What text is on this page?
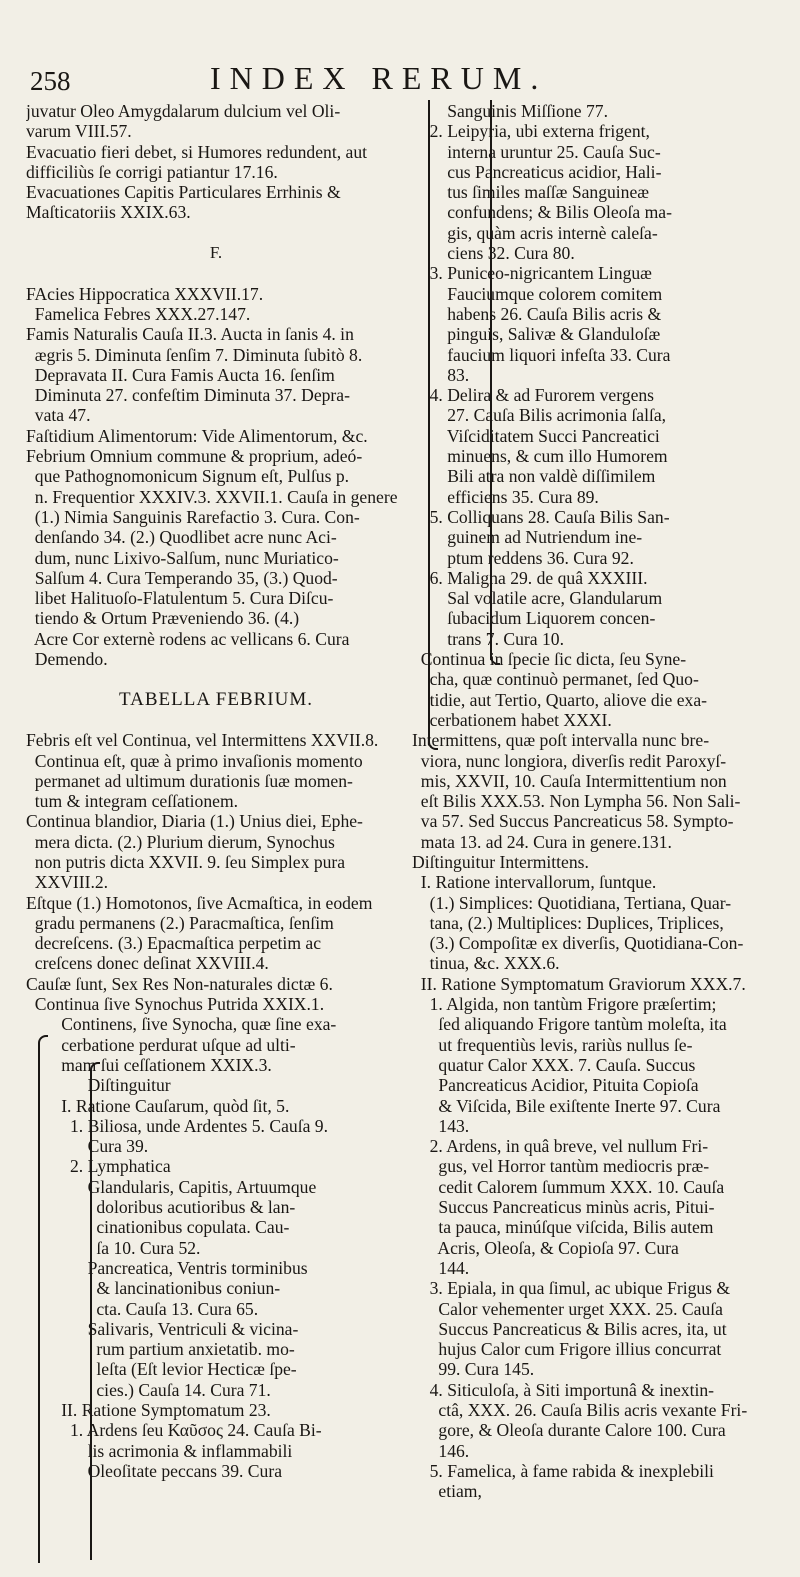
258	INDEX RERUM.
juvatur Oleo Amygdalarum dulcium vel Oli-
varum VIII.57.
Evacuatio fieri debet, si Humores redundent, aut
difficiliùs ſe corrigi patiantur 17.16.
Evacuationes Capitis Particulares Errhinis &
Maſticatoriis XXIX.63.
F.
FAcies Hippocratica XXXVII.17.
Famelica Febres XXX.27.147.
Famis Naturalis Cauſa II.3. Aucta in ſanis 4. in
ægris 5. Diminuta ſenſim 7. Diminuta ſubitò 8.
Depravata II. Cura Famis Aucta 16. ſenſim
Diminuta 27. confeſtim Diminuta 37. Depra-
vata 47.
Faſtidium Alimentorum: Vide Alimentorum, &c.
Febrium Omnium commune & proprium, adeó-
que Pathognomonicum Signum eſt, Pulſus p.
n. Frequentior XXXIV.3. XXVII.1. Cauſa in genere
(1.) Nimia Sanguinis Rarefactio 3. Cura. Con-
denſando 34. (2.) Quodlibet acre nunc Aci-
dum, nunc Lixivo-Salſum, nunc Muriatico-
Salſum 4. Cura Temperando 35, (3.) Quod-
libet Halituoſo-Flatulentum 5. Cura Diſcu-
tiendo & Ortum Præveniendo 36. (4.)
Acre Cor externè rodens ac vellicans 6. Cura
Demendo.
TABELLA FEBRIUM.
Febris eſt vel Continua, vel Intermittens XXVII.8.
Continua eſt, quæ à primo invaſionis momento
permanet ad ultimum durationis ſuæ momen-
tum & integram ceſſationem.
Continua blandior, Diaria (1.) Unius diei, Ephe-
mera dicta. (2.) Plurium dierum, Synochus
non putris dicta XXVII. 9. ſeu Simplex pura
XXVIII.2.
Eſtque (1.) Homotonos, ſive Acmaſtica, in eodem
gradu permanens (2.) Paracmaſtica, ſenſim
decreſcens. (3.) Epacmaſtica perpetim ac
creſcens donec deſinat XXVIII.4.
Cauſæ ſunt, Sex Res Non-naturales dictæ 6.
Continua ſive Synochus Putrida XXIX.1.
Continens, ſive Synocha, quæ ſine exa-
cerbatione perdurat uſque ad ulti-
mam ſui ceſſationem XXIX.3.
Diſtinguitur
I. Ratione Cauſarum, quòd ſit, 5.
1. Biliosa, unde Ardentes 5. Cauſa 9.
Cura 39.
2. Lymphatica
Glandularis, Capitis, Artuumque
doloribus acutioribus & lan-
cinationibus copulata. Cau-
ſa 10. Cura 52.
Pancreatica, Ventris torminibus
& lancinationibus coniun-
cta. Cauſa 13. Cura 65.
Salivaris, Ventriculi & vicina-
rum partium anxietatib. mo-
leſta (Eſt levior Hecticæ ſpe-
cies.) Cauſa 14. Cura 71.
II. Ratione Symptomatum 23.
1. Ardens ſeu Καῦσος 24. Cauſa Bi-
lis acrimonia & inflammabili
Oleoſitate peccans 39. Cura
Sanguinis Miſſione 77.
2. Leipyria, ubi externa frigent,
interna uruntur 25. Cauſa Suc-
cus Pancreaticus acidior, Hali-
tus ſimiles maſſæ Sanguineæ
confundens; & Bilis Oleoſa ma-
gis, quàm acris internè caleſa-
ciens 32. Cura 80.
3. Puniceo-nigricantem Linguæ
Fauciumque colorem comitem
habens 26. Cauſa Bilis acris &
pinguis, Salivæ & Glanduloſæ
faucium liquori infeſta 33. Cura
83.
4. Delira & ad Furorem vergens
27. Cauſa Bilis acrimonia ſalſa,
Viſciditatem Succi Pancreatici
minuens, & cum illo Humorem
Bili atra non valdè diſſimilem
efficiens 35. Cura 89.
5. Colliquans 28. Cauſa Bilis San-
guinem ad Nutriendum ine-
ptum reddens 36. Cura 92.
6. Maligna 29. de quâ XXXIII.
Sal volatile acre, Glandularum
ſubacidum Liquorem concen-
trans 7. Cura 10.
Continua in ſpecie ſic dicta, ſeu Syne-
cha, quæ continuò permanet, ſed Quo-
tidie, aut Tertio, Quarto, aliove die exa-
cerbationem habet XXXI.
Intermittens, quæ poſt intervalla nunc bre-
viora, nunc longiora, diverſis redit Paroxyſ-
mis, XXVII, 10. Cauſa Intermittentium non
eſt Bilis XXX.53. Non Lympha 56. Non Sali-
va 57. Sed Succus Pancreaticus 58. Sympto-
mata 13. ad 24. Cura in genere.131.
Diſtinguitur Intermittens.
I. Ratione intervallorum, ſuntque.
(1.) Simplices: Quotidiana, Tertiana, Quar-
tana, (2.) Multiplices: Duplices, Triplices,
(3.) Compoſitæ ex diverſis, Quotidiana-Con-
tinua, &c. XXX.6.
II. Ratione Symptomatum Graviorum XXX.7.
1. Algida, non tantùm Frigore præſertim;
ſed aliquando Frigore tantùm moleſta, ita
ut frequentiùs levis, rariùs nullus ſe-
quatur Calor XXX. 7. Cauſa. Succus
Pancreaticus Acidior, Pituita Copioſa
& Viſcida, Bile exiſtente Inerte 97. Cura
143.
2. Ardens, in quâ breve, vel nullum Fri-
gus, vel Horror tantùm mediocris præ-
cedit Calorem ſummum XXX. 10. Cauſa
Succus Pancreaticus minùs acris, Pitui-
ta pauca, minúſque viſcida, Bilis autem
Acris, Oleoſa, & Copioſa 97. Cura
144.
3. Epiala, in qua ſimul, ac ubique Frigus &
Calor vehementer urget XXX. 25. Cauſa
Succus Pancreaticus & Bilis acres, ita, ut
hujus Calor cum Frigore illius concurrat
99. Cura 145.
4. Siticuloſa, à Siti importunâ & inextin-
ctâ, XXX. 26. Cauſa Bilis acris vexante Fri-
gore, & Oleoſa durante Calore 100. Cura
146.
5. Famelica, à fame rabida & inexplebili
etiam,
